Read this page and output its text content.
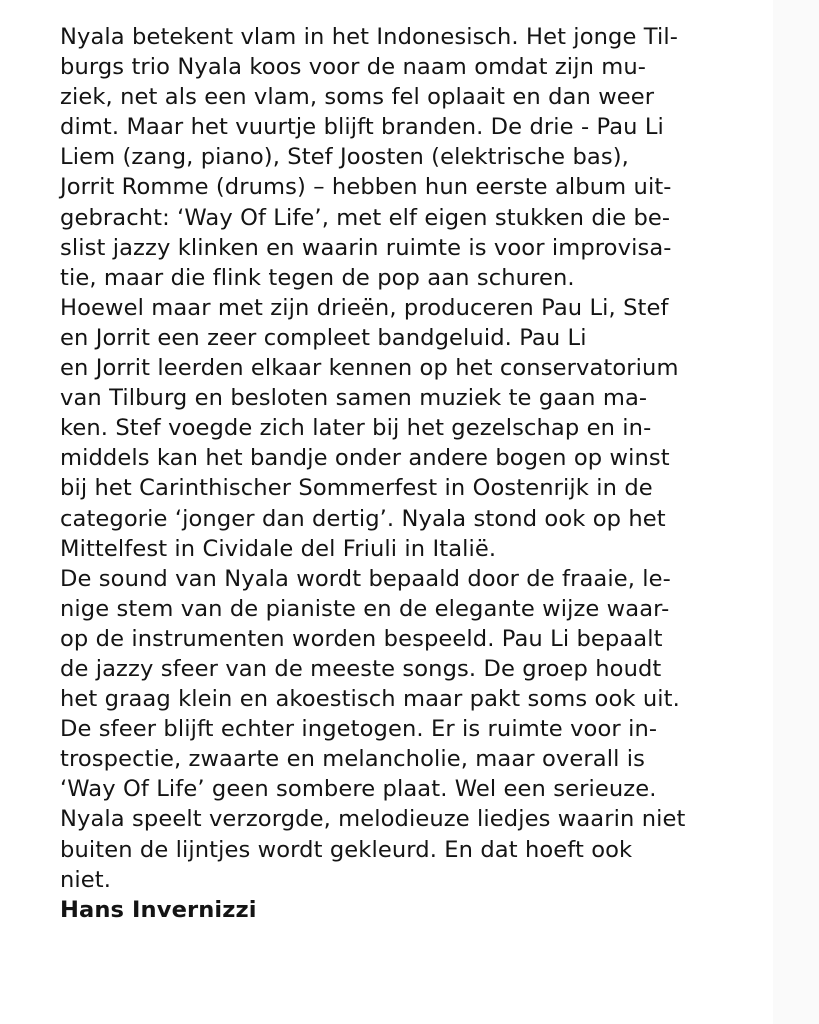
Nyala betekent vlam in het Indonesisch. Het jonge Til-
burgs trio Nyala koos voor de naam omdat zijn mu-
ziek, net als een vlam, soms fel oplaait en dan weer
dimt. Maar het vuurtje blijft branden. De drie - Pau Li
Liem (zang, piano), Stef Joosten (elektrische bas),
Jorrit Romme (drums) – hebben hun eerste album uit-
gebracht: ‘Way Of Life’, met elf eigen stukken die be-
slist jazzy klinken en waarin ruimte is voor improvisa-
tie, maar die flink tegen de pop aan schuren.
Hoewel maar met zijn drieën, produceren Pau Li, Stef
en Jorrit een zeer compleet bandgeluid. Pau Li
en Jorrit leerden elkaar kennen op het conservatorium
van Tilburg en besloten samen muziek te gaan ma-
ken. Stef voegde zich later bij het gezelschap en in-
middels kan het bandje onder andere bogen op winst
bij het Carinthischer Sommerfest in Oostenrijk in de
categorie ‘jonger dan dertig’. Nyala stond ook op het
Mittelfest in Cividale del Friuli in Italië.
De sound van Nyala wordt bepaald door de fraaie, le-
nige stem van de pianiste en de elegante wijze waar-
op de instrumenten worden bespeeld. Pau Li bepaalt
de jazzy sfeer van de meeste songs. De groep houdt
het graag klein en akoestisch maar pakt soms ook uit.
De sfeer blijft echter ingetogen. Er is ruimte voor in-
trospectie, zwaarte en melancholie, maar overall is
‘Way Of Life’ geen sombere plaat. Wel een serieuze.
Nyala speelt verzorgde, melodieuze liedjes waarin niet
buiten de lijntjes wordt gekleurd. En dat hoeft ook
niet.
Hans Invernizzi
